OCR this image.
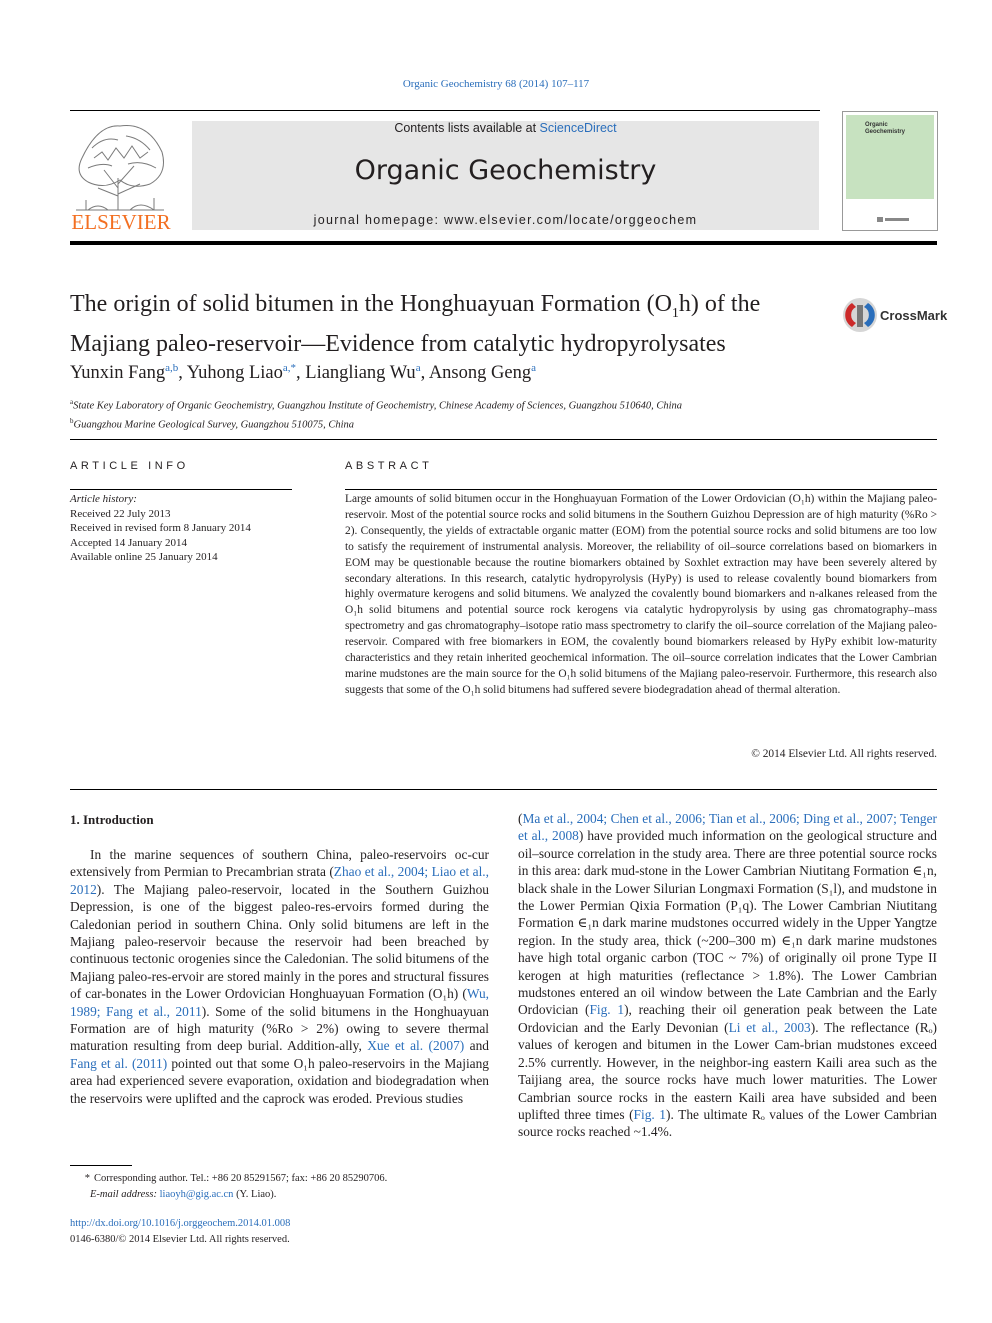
Organic Geochemistry 68 (2014) 107–117
ELSEVIER
Contents lists available at ScienceDirect
Organic Geochemistry
journal homepage: www.elsevier.com/locate/orggeochem
Organic Geochemistry
The origin of solid bitumen in the Honghuayuan Formation $(O_1h)$ of the
Majiang paleo-reservoir—Evidence from catalytic hydropyrolysates
CrossMark
Yunxin Fang$^{a,b}$, Yuhong Liao$^{a,*}$, Liangliang Wu$^a$, Ansong Geng$^a$
$^a$State Key Laboratory of Organic Geochemistry, Guangzhou Institute of Geochemistry, Chinese Academy of Sciences, Guangzhou 510640, China
$^b$Guangzhou Marine Geological Survey, Guangzhou 510075, China
ARTICLE INFO
Article history:
Received 22 July 2013
Received in revised form 8 January 2014
Accepted 14 January 2014
Available online 25 January 2014
ABSTRACT
Large amounts of solid bitumen occur in the Honghuayuan Formation of the Lower Ordovician (O₁h) within the Majiang paleo-reservoir. Most of the potential source rocks and solid bitumens in the Southern Guizhou Depression are of high maturity (%Ro > 2). Consequently, the yields of extractable organic matter (EOM) from the potential source rocks and solid bitumens are too low to satisfy the requirement of instrumental analysis. Moreover, the reliability of oil–source correlations based on biomarkers in EOM may be questionable because the routine biomarkers obtained by Soxhlet extraction may have been severely altered by secondary alterations. In this research, catalytic hydropyrolysis (HyPy) is used to release covalently bound biomarkers from highly overmature kerogens and solid bitumens. We analyzed the covalently bound biomarkers and n-alkanes released from the O₁h solid bitumens and potential source rock kerogens via catalytic hydropyrolysis by using gas chromatography–mass spectrometry and gas chromatography–isotope ratio mass spectrometry to clarify the oil–source correlation of the Majiang paleo-reservoir. Compared with free biomarkers in EOM, the covalently bound biomarkers released by HyPy exhibit low-maturity characteristics and they retain inherited geochemical information. The oil–source correlation indicates that the Lower Cambrian marine mudstones are the main source for the O₁h solid bitumens of the Majiang paleo-reservoir. Furthermore, this research also suggests that some of the O₁h solid bitumens had suffered severe biodegradation ahead of thermal alteration.
© 2014 Elsevier Ltd. All rights reserved.
1. Introduction

In the marine sequences of southern China, paleo-reservoirs oc-cur extensively from Permian to Precambrian strata (Zhao et al., 2004; Liao et al., 2012). The Majiang paleo-reservoir, located in the Southern Guizhou Depression, is one of the biggest paleo-res-ervoirs formed during the Caledonian period in southern China. Only solid bitumens are left in the Majiang paleo-reservoir because the reservoir had been breached by continuous tectonic orogenies since the Caledonian. The solid bitumens of the Majiang paleo-res-ervoir are stored mainly in the pores and structural fissures of car-bonates in the Lower Ordovician Honghuayuan Formation (O₁h) (Wu, 1989; Fang et al., 2011). Some of the solid bitumens in the Honghuayuan Formation are of high maturity (%Ro > 2%) owing to severe thermal maturation resulting from deep burial. Addition-ally, Xue et al. (2007) and Fang et al. (2011) pointed out that some O₁h paleo-reservoirs in the Majiang area had experienced severe evaporation, oxidation and biodegradation when the reservoirs were uplifted and the caprock was eroded. Previous studies

(Ma et al., 2004; Chen et al., 2006; Tian et al., 2006; Ding et al., 2007; Tenger et al., 2008) have provided much information on the geological structure and oil–source correlation in the study area. There are three potential source rocks in this area: dark mud-stone in the Lower Cambrian Niutitang Formation ∈₁n, black shale in the Lower Silurian Longmaxi Formation (S₁l), and mudstone in the Lower Permian Qixia Formation (P₁q). The Lower Cambrian Niutitang Formation ∈₁n dark marine mudstones occurred widely in the Upper Yangtze region. In the study area, thick (~200–300 m) ∈₁n dark marine mudstones have high total organic carbon (TOC ~ 7%) of originally oil prone Type II kerogen at high maturities (reflectance > 1.8%). The Lower Cambrian mudstones entered an oil window between the Late Cambrian and the Early Ordovician (Fig. 1), reaching their oil generation peak between the Late Ordovician and the Early Devonian (Li et al., 2003). The reflectance (Rₒ) values of kerogen and bitumen in the Lower Cam-brian mudstones exceed 2.5% currently. However, in the neighbor-ing eastern Kaili area such as the Taijiang area, the source rocks have much lower maturities. The Lower Cambrian source rocks in the eastern Kaili area have subsided and been uplifted three times (Fig. 1). The ultimate Rₒ values of the Lower Cambrian source rocks reached ~1.4%.

* Corresponding author. Tel.: +86 20 85291567; fax: +86 20 85290706.
E-mail address: liaoyh@gig.ac.cn (Y. Liao).
http://dx.doi.org/10.1016/j.orggeochem.2014.01.008
0146-6380/© 2014 Elsevier Ltd. All rights reserved.
